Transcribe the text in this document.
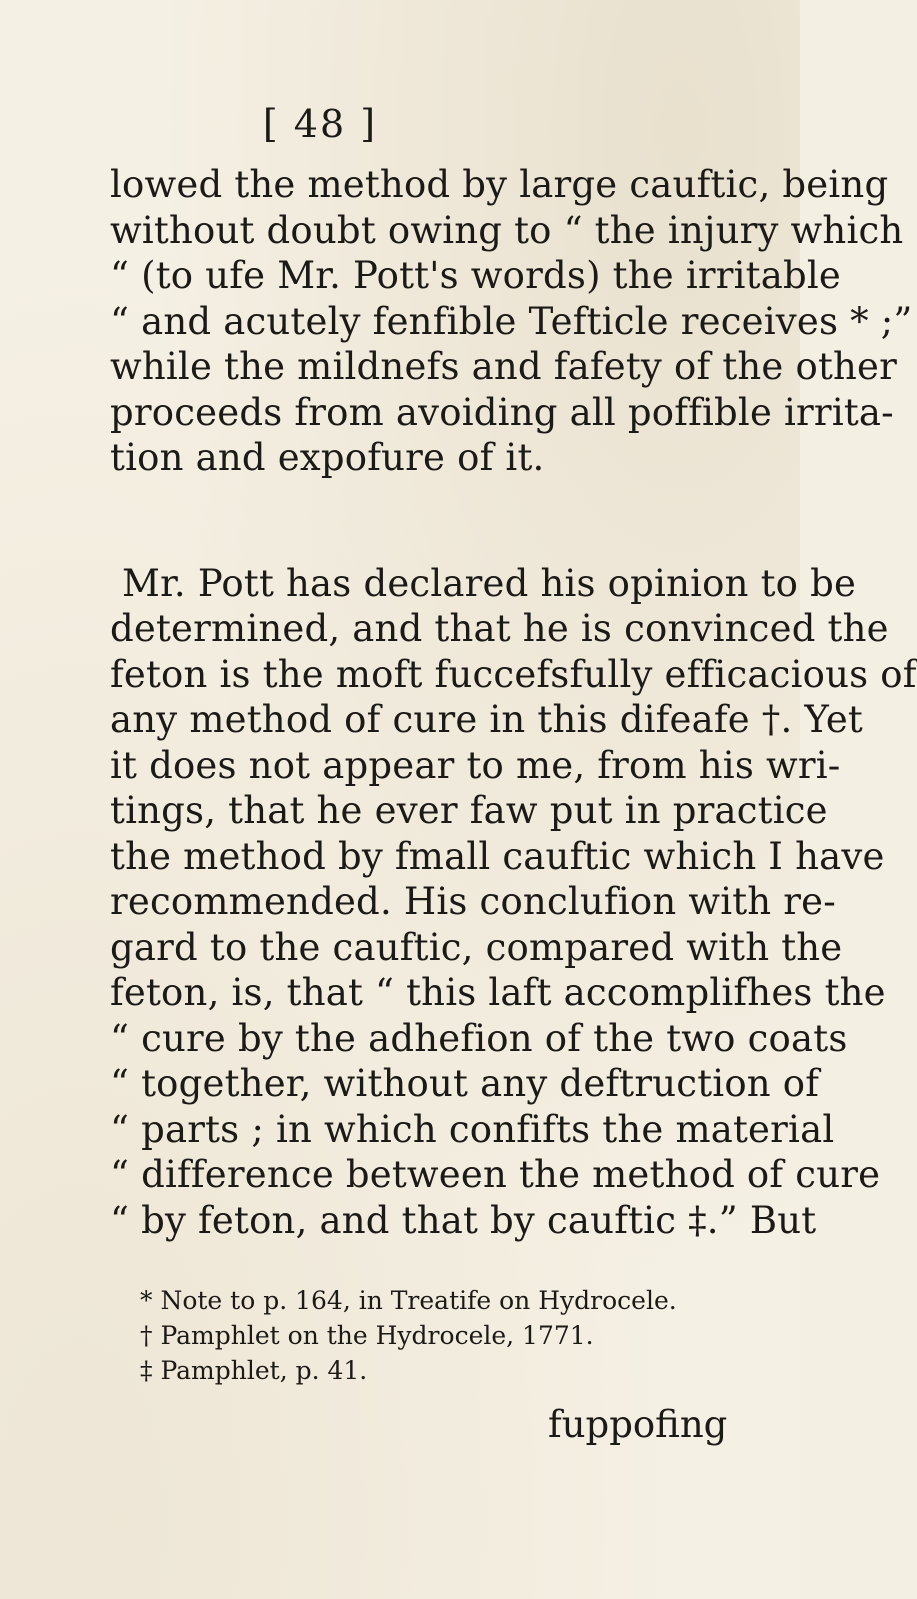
[ 48 ]
lowed the method by large cauftic, being
without doubt owing to “ the injury which
“ (to ufe Mr. Pott's words) the irritable
“ and acutely fenfible Tefticle receives * ;”
while the mildnefs and fafety of the other
proceeds from avoiding all poffible irrita-
tion and expofure of it.
Mr. Pott has declared his opinion to be
determined, and that he is convinced the
feton is the moft fuccefsfully efficacious of
any method of cure in this difeafe †. Yet
it does not appear to me, from his wri-
tings, that he ever faw put in practice
the method by fmall cauftic which I have
recommended. His conclufion with re-
gard to the cauftic, compared with the
feton, is, that “ this laft accomplifhes the
“ cure by the adhefion of the two coats
“ together, without any deftruction of
“ parts ; in which confifts the material
“ difference between the method of cure
“ by feton, and that by cauftic ‡.” But
* Note to p. 164, in Treatife on Hydrocele.
† Pamphlet on the Hydrocele, 1771.
‡ Pamphlet, p. 41.
fuppofing
